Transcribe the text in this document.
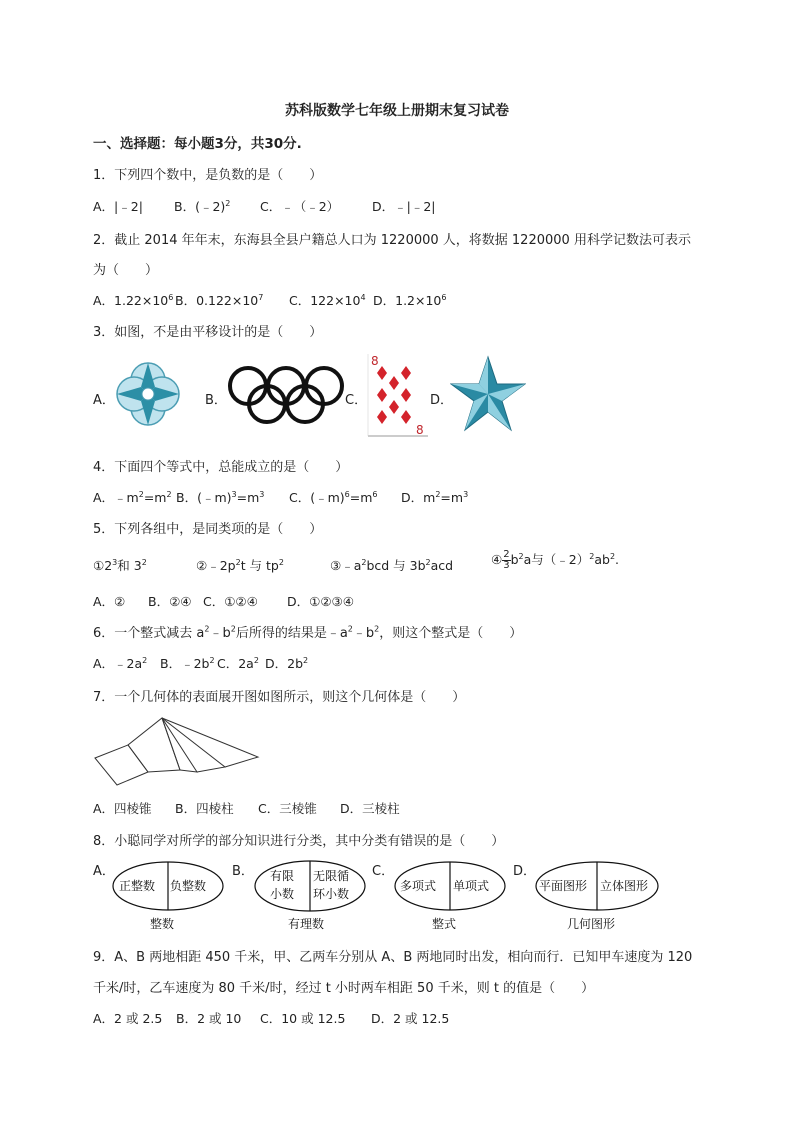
苏科版数学七年级上册期末复习试卷
一、选择题：每小题3分，共30分.
1．下列四个数中，是负数的是（　　）
A．|﹣2| B．(﹣2)$^2$ C．﹣（﹣2）	D．﹣|﹣2|
2．截止 2014 年年末，东海县全县户籍总人口为 1220000 人，将数据 1220000 用科学记数法可表示
为（　　）
A．$1.22\times 10^6$ B．$0.122\times 10^7$ C．$122\times 10^4$ D．$1.2\times 10^6$
3．如图，不是由平移设计的是（　　）
A．	B．	C．
8
8
D．
4．下面四个等式中，总能成立的是（　　）
A．$﹣m^2=m^2$ B．$(﹣m)^3=m^3$ C．$(﹣m)^6=m^6$ D．$m^2=m^3$
5．下列各组中，是同类项的是（　　）
$①2^3$和 $3^2$	$②﹣2p^2t$ 与 $tp^2$	$③﹣a^2bcd$ 与 $3b^2acd$	④ $\frac{2}{3} b^2a$与$(﹣2)^2ab^2$.
A．② B．②④ C．①②④ D．①②③④
6．一个整式减去 $a^2﹣b^2$后所得的结果是$﹣a^2﹣b^2$，则这个整式是（　　）
A．$﹣2a^2$ B．$﹣2b^2$ C．$2a^2$ D．$2b^2$
7．一个几何体的表面展开图如图所示，则这个几何体是（　　）
A．四棱锥 B．四棱柱 C．三棱锥 D．三棱柱
8．小聪同学对所学的部分知识进行分类，其中分类有错误的是（　　）
A．
正整数 负整数
整数
B． 有限
小数
无限循
环小数
有理数
C．
多项式 单项式
整式
D．
平面图形 立体图形
几何图形
9．A、B 两地相距 450 千米，甲、乙两车分别从 A、B 两地同时出发，相向而行．已知甲车速度为 120
千米/时，乙车速度为 80 千米/时，经过 t 小时两车相距 50 千米，则 t 的值是（　　）
A．2 或 2.5 B．2 或 10 C．10 或 12.5 D．2 或 12.5
